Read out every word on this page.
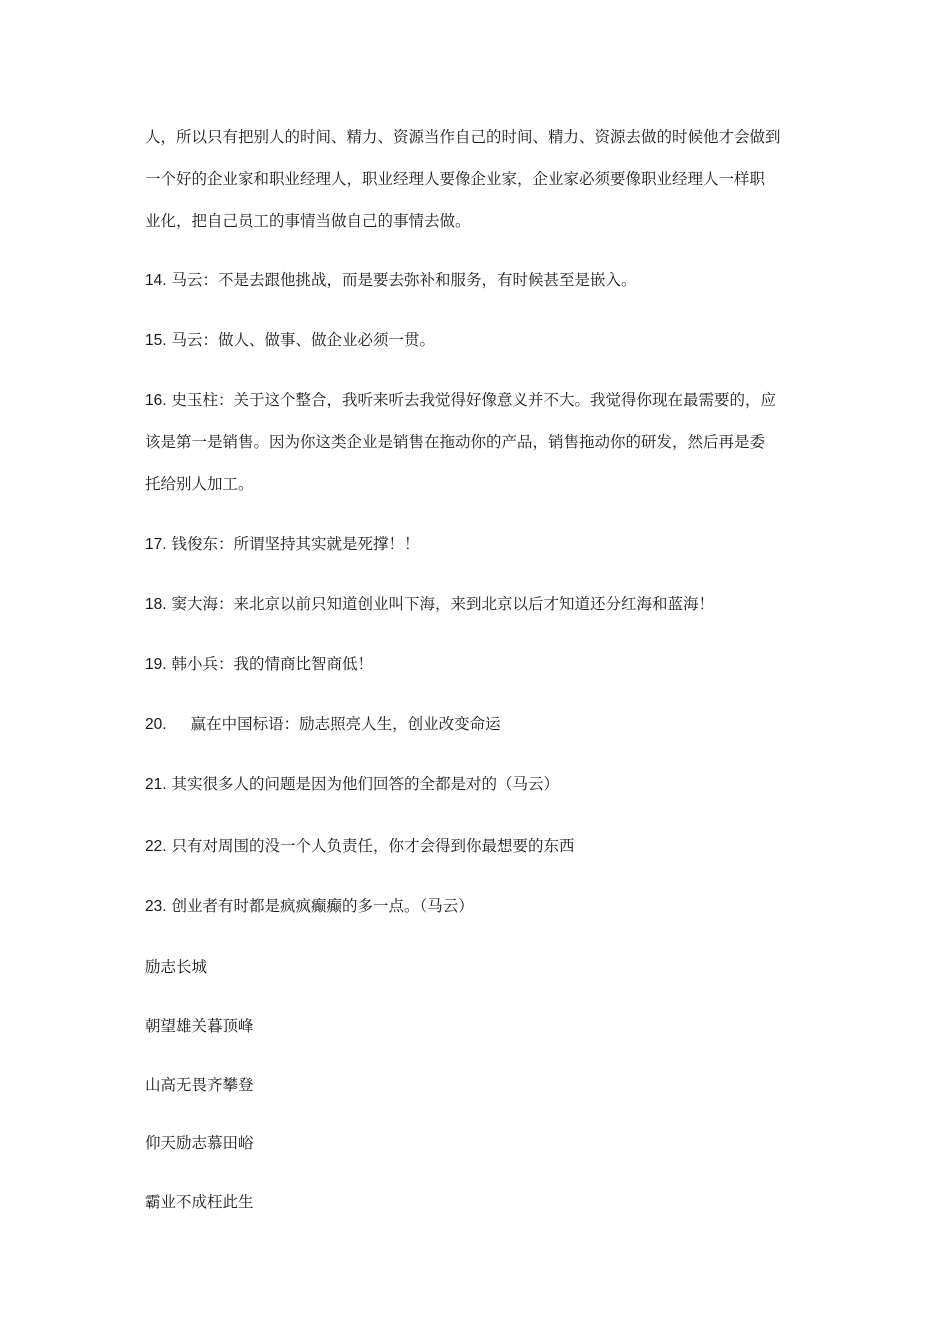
人，所以只有把别人的时间、精力、资源当作自己的时间、精力、资源去做的时候他才会做到

一个好的企业家和职业经理人，职业经理人要像企业家，企业家必须要像职业经理人一样职

业化，把自己员工的事情当做自己的事情去做。

14. 马云：不是去跟他挑战，而是要去弥补和服务，有时候甚至是嵌入。

15. 马云：做人、做事、做企业必须一贯。

16. 史玉柱：关于这个整合，我听来听去我觉得好像意义并不大。我觉得你现在最需要的，应

该是第一是销售。因为你这类企业是销售在拖动你的产品，销售拖动你的研发，然后再是委

托给别人加工。

17. 钱俊东：所谓坚持其实就是死撑！！

18. 窦大海：来北京以前只知道创业叫下海，来到北京以后才知道还分红海和蓝海！

19. 韩小兵：我的情商比智商低！

20. 赢在中国标语：励志照亮人生，创业改变命运

21. 其实很多人的问题是因为他们回答的全都是对的（马云）

22. 只有对周围的没一个人负责任，你才会得到你最想要的东西

23. 创业者有时都是疯疯癫癫的多一点。（马云）

励志长城

朝望雄关暮顶峰

山高无畏齐攀登

仰天励志慕田峪

霸业不成枉此生
